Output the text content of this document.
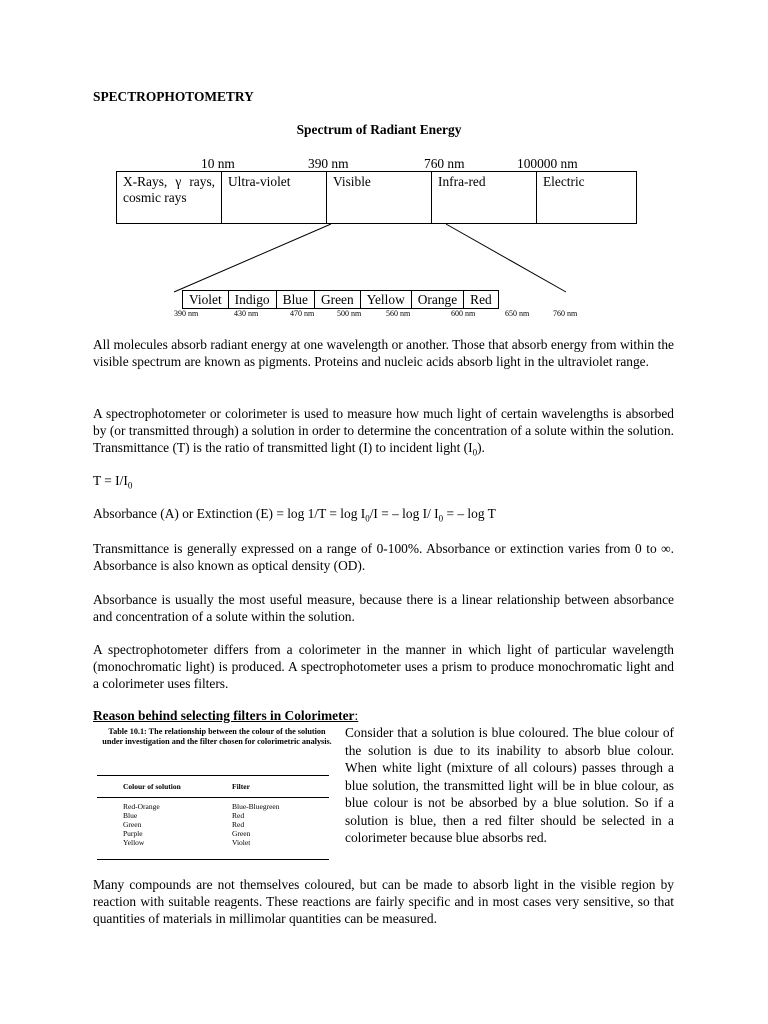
SPECTROPHOTOMETRY
Spectrum of Radiant Energy
10 nm	390 nm	760 nm	100000 nm
X-Rays, γ rays, cosmic rays	Ultra-violet	Visible	Infra-red	Electric
Violet	Indigo	Blue	Green	Yellow	Orange	Red
390 nm	430 nm	470 nm	500 nm	560 nm	600 nm	650 nm	760 nm
All molecules absorb radiant energy at one wavelength or another. Those that absorb energy from within the visible spectrum are known as pigments. Proteins and nucleic acids absorb light in the ultraviolet range.
A spectrophotometer or colorimeter is used to measure how much light of certain wavelengths is absorbed by (or transmitted through) a solution in order to determine the concentration of a solute within the solution. Transmittance (T) is the ratio of transmitted light (I) to incident light $(I_0)$.
$T = I/I_0$
Absorbance (A) or Extinction $(E) = \log 1/T = \log I_0/I$ = – log I/ $I_0$ = – log T
Transmittance is generally expressed on a range of 0-100%. Absorbance or extinction varies from 0 to ∞. Absorbance is also known as optical density (OD).
Absorbance is usually the most useful measure, because there is a linear relationship between absorbance and concentration of a solute within the solution.
A spectrophotometer differs from a colorimeter in the manner in which light of particular wavelength (monochromatic light) is produced. A spectrophotometer uses a prism to produce monochromatic light and a colorimeter uses filters.
Reason behind selecting filters in Colorimeter:
Table 10.1: The relationship between the colour of the solution under investigation and the filter chosen for colorimetric analysis.
Colour of solution	Filter
Red-Orange	Blue-Bluegreen
Blue	Red
Green	Red
Purple	Green
Yellow	Violet
Consider that a solution is blue coloured. The blue colour of the solution is due to its inability to absorb blue colour. When white light (mixture of all colours) passes through a blue solution, the transmitted light will be in blue colour, as blue colour is not be absorbed by a blue solution. So if a solution is blue, then a red filter should be selected in a colorimeter because blue absorbs red.
Many compounds are not themselves coloured, but can be made to absorb light in the visible region by reaction with suitable reagents. These reactions are fairly specific and in most cases very sensitive, so that quantities of materials in millimolar quantities can be measured.
